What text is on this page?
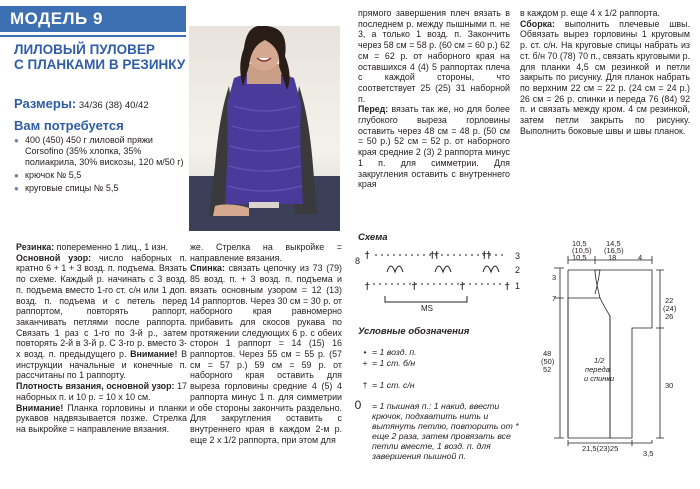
МОДЕЛЬ 9
ЛИЛОВЫЙ ПУЛОВЕР
С ПЛАНКАМИ В РЕЗИНКУ
Размеры: 34/36 (38) 40/42
Вам потребуется
● 400 (450) 450 г лиловой пряжи Corsofino (35% хлопка, 35% полиакрила, 30% вискозы, 120 м/50 г)
● крючок № 5,5
● круговые спицы № 5,5

Резинка: попеременно 1 лиц., 1 изн.

Основной узор: число наборных п. кратно 6 + 1 + 3 возд. п. подъема. Вязать по схеме. Каждый р. начинать с 3 возд. п. подъема вместо 1-го ст. с/н или 1 доп. возд. п. подъема и с петель перед раппортом, повторять раппорт, заканчивать петлями после раппорта. Связать 1 раз с 1-го по 3-й р., затем повторять 2-й в 3-й р. С 3-го р. вместо 3-х возд. п. предыдущего р. Внимание! В инструкции начальные и конечные п. рассчитаны по 1 раппорту.

Плотность вязания, основной узор: 17 наборных п. и 10 р. = 10 х 10 см.

Внимание! Планка горловины и планки рукавов надвязывается позже. Стрелка на выкройке = направление вязания.

же. Стрелка на выкройке = направление вязания.

Спинка: связать цепочку из 73 (79) 85 возд. п. + 3 возд. п. подъема и вязать основным узором = 12 (13) 14 раппортов. Через 30 см = 30 р. от наборного края равномерно прибавить для скосов рукава по протяжении следующих 6 р. с обеих сторон 1 раппорт = 14 (15) 16 раппортов. Через 55 см = 55 р. (57 см = 57 р.) 59 см = 59 р. от наборного края оставить для выреза горловины средние 4 (5) 4 раппорта минус 1 п. для симметрии и обе стороны закончить раздельно. Для закругления оставить с внутреннего края в каждом 2-м р. еще 2 х 1/2 раппорта, при этом для

прямого завершения плеч вязать в последнем р. между пышными п. не 3, а только 1 возд. п. Закончить через 58 см = 58 р. (60 см = 60 р.) 62 см = 62 р. от наборного края на оставшихся 4 (4) 5 раппортах плеча с каждой стороны, что соответствует 25 (25) 31 наборной п.

Перед: вязать так же, но для более глубокого выреза горловины оставить через 48 см = 48 р. (50 см = 50 р.) 52 см = 52 р. от наборного края средние 2 (3) 2 раппорта минус 1 п. для симметрии. Для закругления оставить с внутреннего края

в каждом р. еще 4 х 1/2 раппорта.

Сборка: выполнить плечевые швы. Обвязать вырез горловины 1 круговым р. ст. с/н. На круговые спицы набрать из ст. б/н 70 (78) 70 п., связать круговыми р. для планки 4,5 см резинкой и петли закрыть по рисунку. Для планок набрать по верхним 22 см = 22 р. (24 см = 24 р.) 26 см = 26 р. спинки и переда 76 (84) 92 п. и связать между кром. 4 см резинкой, затем петли закрыть по рисунку. Выполнить боковые швы и швы планок.

Схема
8 ϯ	ϯϯ	ϯϯ
ϯ	ϯ	ϯ	ϯ
3
2
1
MS
Условные обозначения
• = 1 возд. п.
+ = 1 ст. б/н
† = 1 ст. с/н
0 = 1 пышная п.: 1 накид, ввести крючок, подхватить нить и вытянуть петлю, повторить от * еще 2 раза, затем провязать все петли вместе, 1 возд. п. для завершения пышной п.
10,5
(10,5)
10,5
14,5
(16,5)
18	4
3
7
48
(50)
52
22
(24)
26
30
1/2
переда
и спинки
21,5(23)25
3,5
